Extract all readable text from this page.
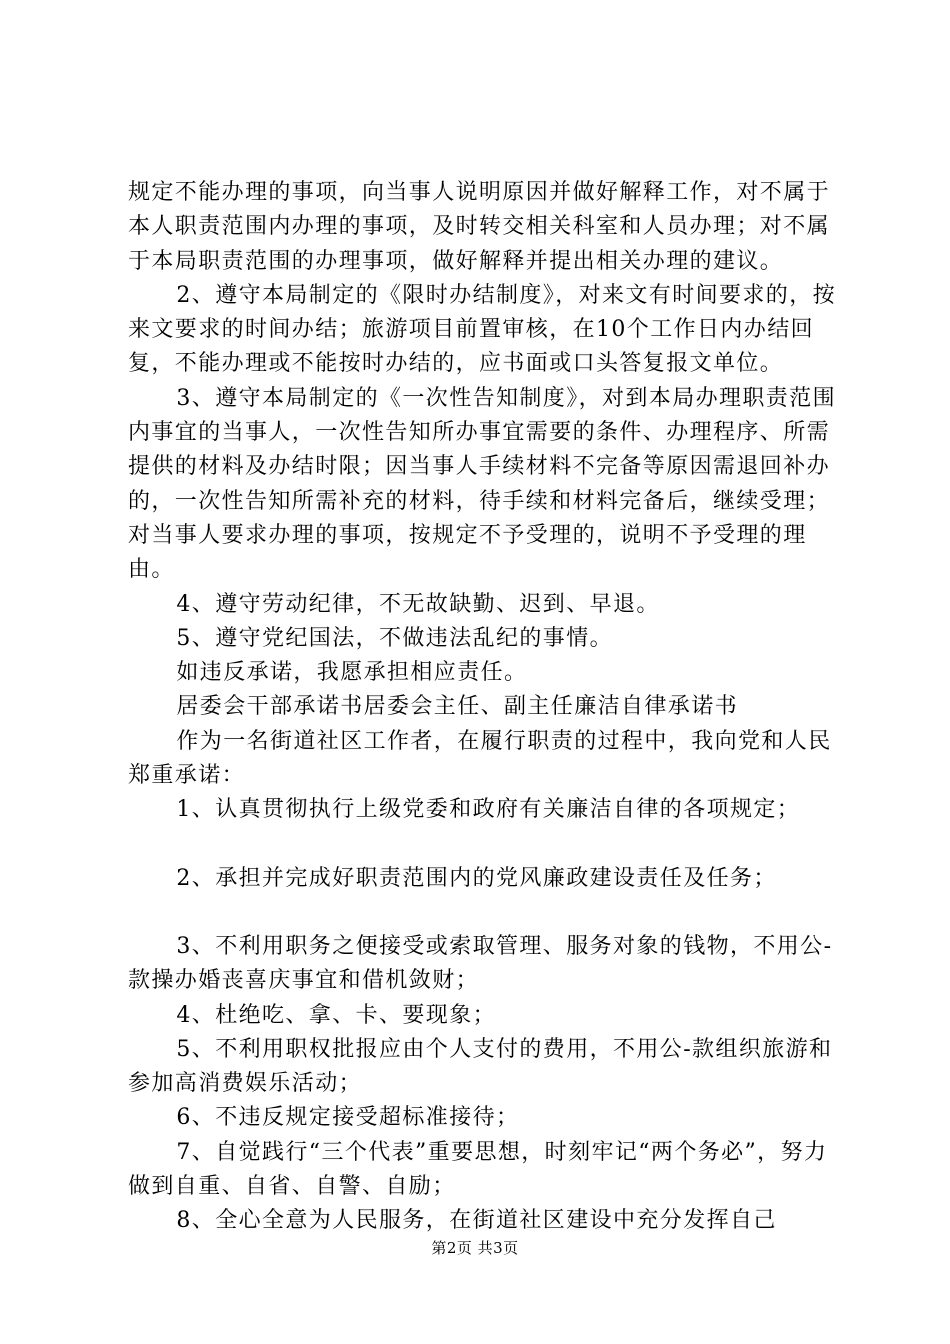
规定不能办理的事项，向当事人说明原因并做好解释工作，对不属于本人职责范围内办理的事项，及时转交相关科室和人员办理；对不属于本局职责范围的办理事项，做好解释并提出相关办理的建议。

2、遵守本局制定的《限时办结制度》，对来文有时间要求的，按来文要求的时间办结；旅游项目前置审核，在10个工作日内办结回复，不能办理或不能按时办结的，应书面或口头答复报文单位。

3、遵守本局制定的《一次性告知制度》，对到本局办理职责范围内事宜的当事人，一次性告知所办事宜需要的条件、办理程序、所需提供的材料及办结时限；因当事人手续材料不完备等原因需退回补办的，一次性告知所需补充的材料，待手续和材料完备后，继续受理；对当事人要求办理的事项，按规定不予受理的，说明不予受理的理由。

4、遵守劳动纪律，不无故缺勤、迟到、早退。

5、遵守党纪国法，不做违法乱纪的事情。

如违反承诺，我愿承担相应责任。

居委会干部承诺书居委会主任、副主任廉洁自律承诺书

作为一名街道社区工作者，在履行职责的过程中，我向党和人民郑重承诺：

1、认真贯彻执行上级党委和政府有关廉洁自律的各项规定；

2、承担并完成好职责范围内的党风廉政建设责任及任务；

3、不利用职务之便接受或索取管理、服务对象的钱物，不用公-款操办婚丧喜庆事宜和借机敛财；

4、杜绝吃、拿、卡、要现象；

5、不利用职权批报应由个人支付的费用，不用公-款组织旅游和参加高消费娱乐活动；

6、不违反规定接受超标准接待；

7、自觉践行“三个代表”重要思想，时刻牢记“两个务必”，努力做到自重、自省、自警、自励；

8、全心全意为人民服务，在街道社区建设中充分发挥自己

第2页 共3页
